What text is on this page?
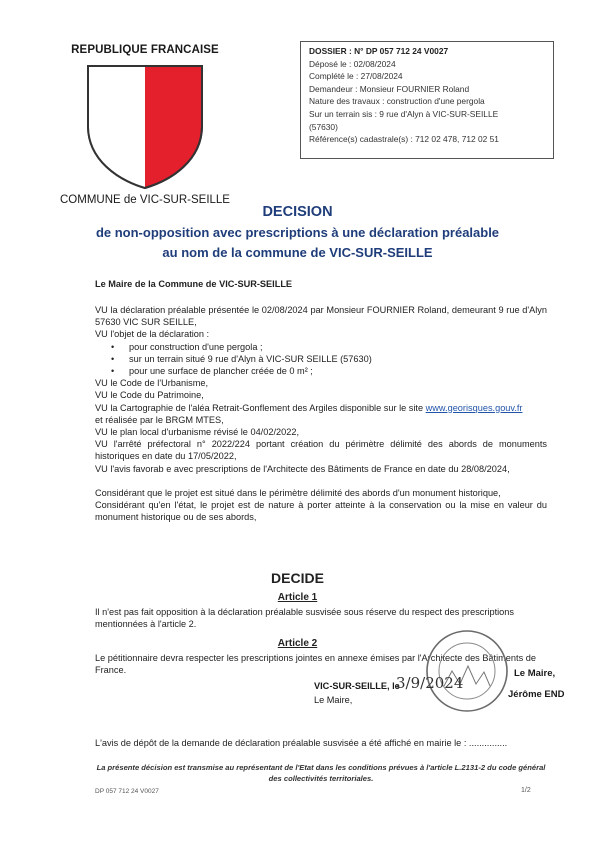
REPUBLIQUE FRANCAISE
COMMUNE de VIC-SUR-SEILLE
DOSSIER : N° DP 057 712 24 V0027
Déposé le : 02/08/2024
Complété le : 27/08/2024
Demandeur : Monsieur FOURNIER Roland
Nature des travaux : construction d'une pergola
Sur un terrain sis : 9 rue d'Alyn à VIC-SUR-SEILLE
(57630)
Référence(s) cadastrale(s) : 712 02 478, 712 02 51
DECISION
de non-opposition avec prescriptions à une déclaration préalable
au nom de la commune de VIC-SUR-SEILLE
Le Maire de la Commune de VIC-SUR-SEILLE
VU la déclaration préalable présentée le 02/08/2024 par Monsieur FOURNIER Roland, demeurant 9 rue d'Alyn 57630 VIC SUR SEILLE,
VU l'objet de la déclaration :
• pour construction d'une pergola ;
• sur un terrain situé 9 rue d'Alyn à VIC-SUR SEILLE (57630)
• pour une surface de plancher créée de 0 m² ;
VU le Code de l'Urbanisme,
VU le Code du Patrimoine,
VU la Cartographie de l'aléa Retrait-Gonflement des Argiles disponible sur le site www.georisques.gouv.fr
et réalisée par le BRGM MTES,
VU le plan local d'urbanisme révisé le 04/02/2022,
VU l'arrêté préfectoral n° 2022/224 portant création du périmètre délimité des abords de monuments historiques en date du 17/05/2022,
VU l'avis favorab e avec prescriptions de l'Architecte des Bâtiments de France en date du 28/08/2024,
Considérant que le projet est situé dans le périmètre délimité des abords d'un monument historique,
Considérant qu'en l'état, le projet est de nature à porter atteinte à la conservation ou la mise en valeur du monument historique ou de ses abords,
DECIDE
Article 1
Il n'est pas fait opposition à la déclaration préalable susvisée sous réserve du respect des prescriptions mentionnées à l'article 2.
Article 2
Le pétitionnaire devra respecter les prescriptions jointes en annexe émises par l'Architecte des Bâtiments de France.
VIC-SUR-SEILLE, le
Le Maire,
3/9/2024
Le Maire,
Jérôme END
L'avis de dépôt de la demande de déclaration préalable susvisée a été affiché en mairie le : ...............
La présente décision est transmise au représentant de l'Etat dans les conditions prévues à l'article L.2131-2 du code général des collectivités territoriales.
DP 057 712 24 V0027	1/2
